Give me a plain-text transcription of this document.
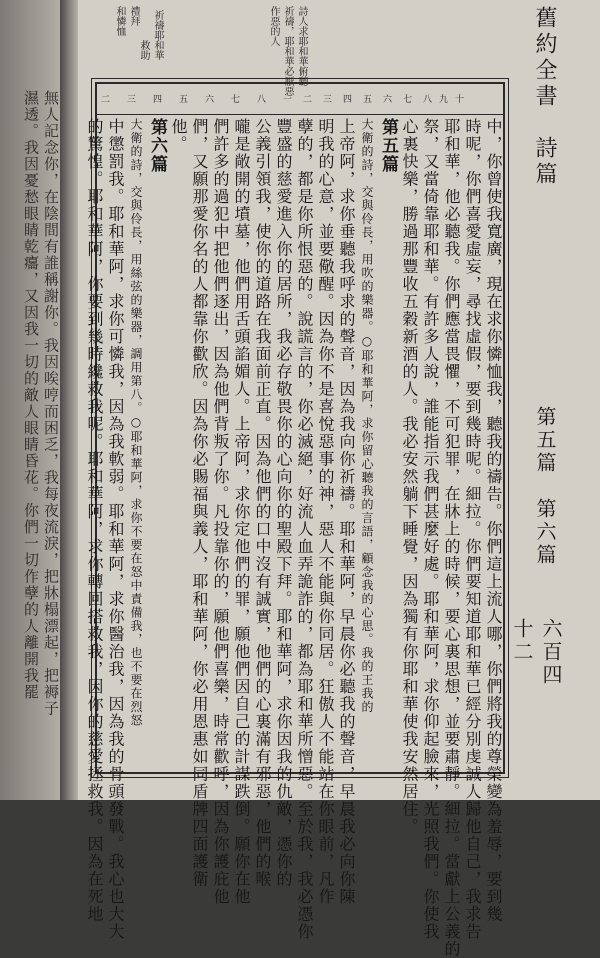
無人記念你，在陰間有誰稱謝你。我因唉哼而困乏，我每夜流淚，把牀榻漂起，把褥子
濕透。我因憂愁眼睛乾癟，又因我一切的敵人眼睛昏花。你們一切作孽的人離開我罷	二 三 四 五 六 七 八 一 二 三 四 五 六 七 八 九 十
和憐恤 禮拜
救助 祈禱耶和華	作惡的人 祈禱，耶和華必厭惡 詩人求耶和華俯聽	舊約全書　詩篇
第五篇　第六篇
六百四十二
中，你曾使我寬廣，現在求你憐恤我，聽我的禱告。你們這上流人哪，你們將我的尊榮變為羞辱，要到幾
時呢，你們喜愛虛妄，尋找虛假，要到幾時呢。細拉。你們要知道耶和華已經分別虔誠人歸他自己，我求告
耶和華，他必聽我。你們應當畏懼，不可犯罪，在牀上的時候，要心裏思想，並要肅靜。細拉。當獻上公義的
祭，又當倚靠耶和華。有許多人說，誰能指示我們甚麼好處。耶和華阿，求你仰起臉來，光照我們。你使我
心裏快樂，勝過那豐收五穀新酒的人。我必安然躺下睡覺，因為獨有你耶和華使我安然居住。
第五篇
大衛的詩，交與伶長，用吹的樂器。○耶和華阿，求你留心聽我的言語，顧念我的心思。我的王我的
上帝阿，求你垂聽我呼求的聲音，因為我向你祈禱。耶和華阿，早晨你必聽我的聲音，早晨我必向你陳
明我的心意，並要儆醒。因為你不是喜悅惡事的神，惡人不能與你同居。狂傲人不能站在你眼前，凡作
孽的，都是你所恨惡的。說謊言的，你必滅絕，好流人血弄詭詐的，都為耶和華所憎惡。至於我，我必憑你
豐盛的慈愛進入你的居所，我必存敬畏你的心向你的聖殿下拜。耶和華阿，求你因我的仇敵，憑你的
公義引領我，使你的道路在我面前正直。因為他們的口中沒有誠實，他們的心裏滿有邪惡，他們的喉
嚨是敞開的墳墓，他們用舌頭諂媚人。上帝阿，求你定他們的罪，願他們因自己的計謀跌倒。願你在他
們許多的過犯中把他們逐出，因為他們背叛了你。凡投靠你的，願他們喜樂，時常歡呼，因為你護庇他
們，又願那愛你名的人都靠你歡欣。因為你必賜福與義人，耶和華阿，你必用恩惠如同盾牌四面護衛
他。
第六篇
大衛的詩，交與伶長，用絲弦的樂器，調用第八。○耶和華阿，求你不要在怒中責備我，也不要在烈怒
中懲罰我。耶和華阿，求你可憐我，因為我軟弱。耶和華阿，求你醫治我，因為我的骨頭發戰。我心也大大
的驚惶。耶和華阿，你要到幾時纔救我呢。耶和華阿，求你轉回搭救我，因你的慈愛拯救我。因為在死地
